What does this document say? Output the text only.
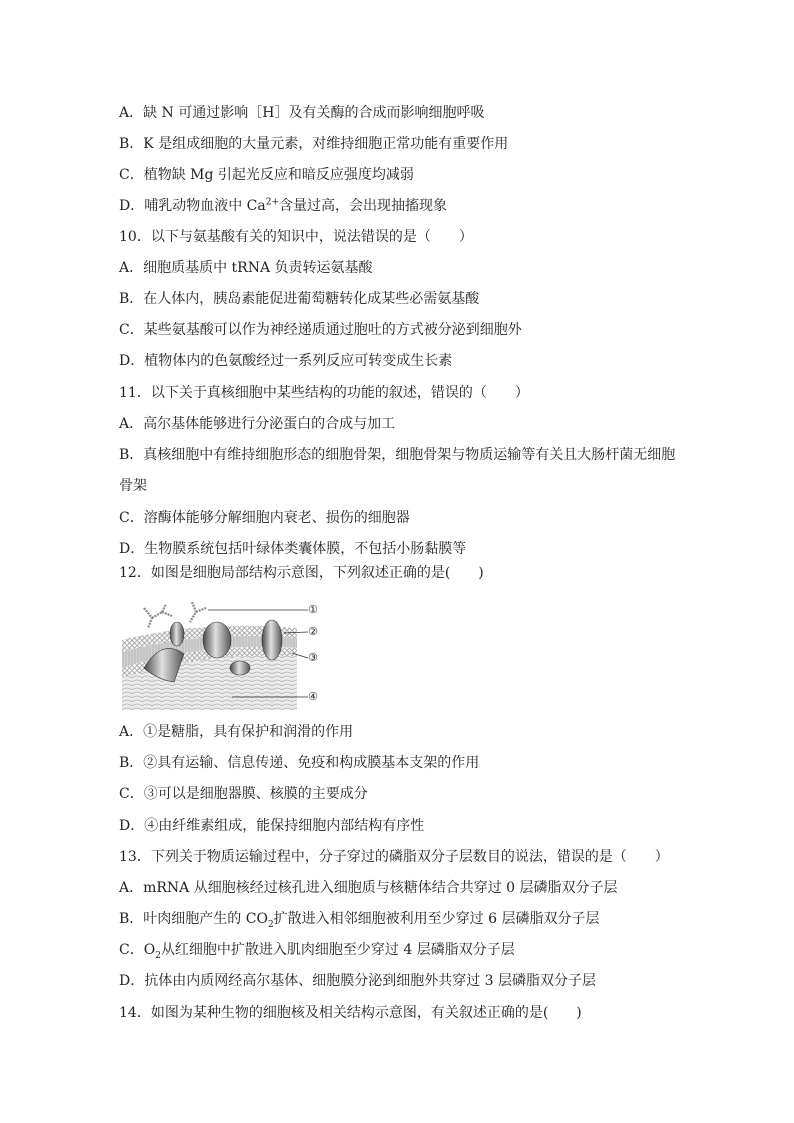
A．缺 N 可通过影响［H］及有关酶的合成而影响细胞呼吸
B．K 是组成细胞的大量元素，对维持细胞正常功能有重要作用
C．植物缺 Mg 引起光反应和暗反应强度均减弱
D．哺乳动物血液中 $Ca^{2+}$含量过高，会出现抽搐现象
10．以下与氨基酸有关的知识中，说法错误的是（　　）
A．细胞质基质中 tRNA 负责转运氨基酸
B．在人体内，胰岛素能促进葡萄糖转化成某些必需氨基酸
C．某些氨基酸可以作为神经递质通过胞吐的方式被分泌到细胞外
D．植物体内的色氨酸经过一系列反应可转变成生长素
11．以下关于真核细胞中某些结构的功能的叙述，错误的（　　）
A．高尔基体能够进行分泌蛋白的合成与加工
B．真核细胞中有维持细胞形态的细胞骨架，细胞骨架与物质运输等有关且大肠杆菌无细胞
骨架
C．溶酶体能够分解细胞内衰老、损伤的细胞器
D．生物膜系统包括叶绿体类囊体膜，不包括小肠黏膜等
12．如图是细胞局部结构示意图，下列叙述正确的是(　　)
①
②
③
④
A．①是糖脂，具有保护和润滑的作用
B．②具有运输、信息传递、免疫和构成膜基本支架的作用
C．③可以是细胞器膜、核膜的主要成分
D．④由纤维素组成，能保持细胞内部结构有序性
13．下列关于物质运输过程中，分子穿过的磷脂双分子层数目的说法，错误的是（　　）
A．mRNA 从细胞核经过核孔进入细胞质与核糖体结合共穿过 0 层磷脂双分子层
B．叶肉细胞产生的 $CO_2$扩散进入相邻细胞被利用至少穿过 6 层磷脂双分子层
C．$O_2$从红细胞中扩散进入肌肉细胞至少穿过 4 层磷脂双分子层
D．抗体由内质网经高尔基体、细胞膜分泌到细胞外共穿过 3 层磷脂双分子层
14．如图为某种生物的细胞核及相关结构示意图，有关叙述正确的是(　　)
